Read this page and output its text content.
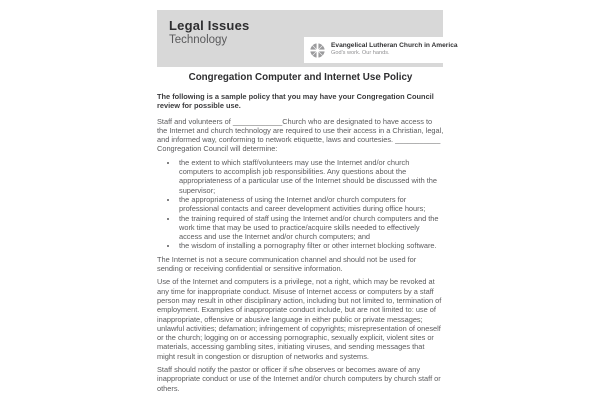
Legal Issues
Technology	Evangelical Lutheran Church in America
God's work. Our hands.
Congregation Computer and Internet Use Policy

The following is a sample policy that you may have your Congregation Council review for possible use.

Staff and volunteers of ____________Church who are designated to have access to the Internet and church technology are required to use their access in a Christian, legal, and informed way, conforming to network etiquette, laws and courtesies. ___________ Congregation Council will determine:

• the extent to which staff/volunteers may use the Internet and/or church computers to accomplish job responsibilities. Any questions about the appropriateness of a particular use of the Internet should be discussed with the supervisor;
• the appropriateness of using the Internet and/or church computers for professional contacts and career development activities during office hours;
• the training required of staff using the Internet and/or church computers and the work time that may be used to practice/acquire skills needed to effectively access and use the Internet and/or church computers; and
• the wisdom of installing a pornography filter or other internet blocking software.

The Internet is not a secure communication channel and should not be used for sending or receiving confidential or sensitive information.

Use of the Internet and computers is a privilege, not a right, which may be revoked at any time for inappropriate conduct. Misuse of Internet access or computers by a staff person may result in other disciplinary action, including but not limited to, termination of employment. Examples of inappropriate conduct include, but are not limited to: use of inappropriate, offensive or abusive language in either public or private messages; unlawful activities; defamation; infringement of copyrights; misrepresentation of oneself or the church; logging on or accessing pornographic, sexually explicit, violent sites or materials, accessing gambling sites, initiating viruses, and sending messages that might result in congestion or disruption of networks and systems.

Staff should notify the pastor or officer if s/he observes or becomes aware of any inappropriate conduct or use of the Internet and/or church computers by church staff or others.
